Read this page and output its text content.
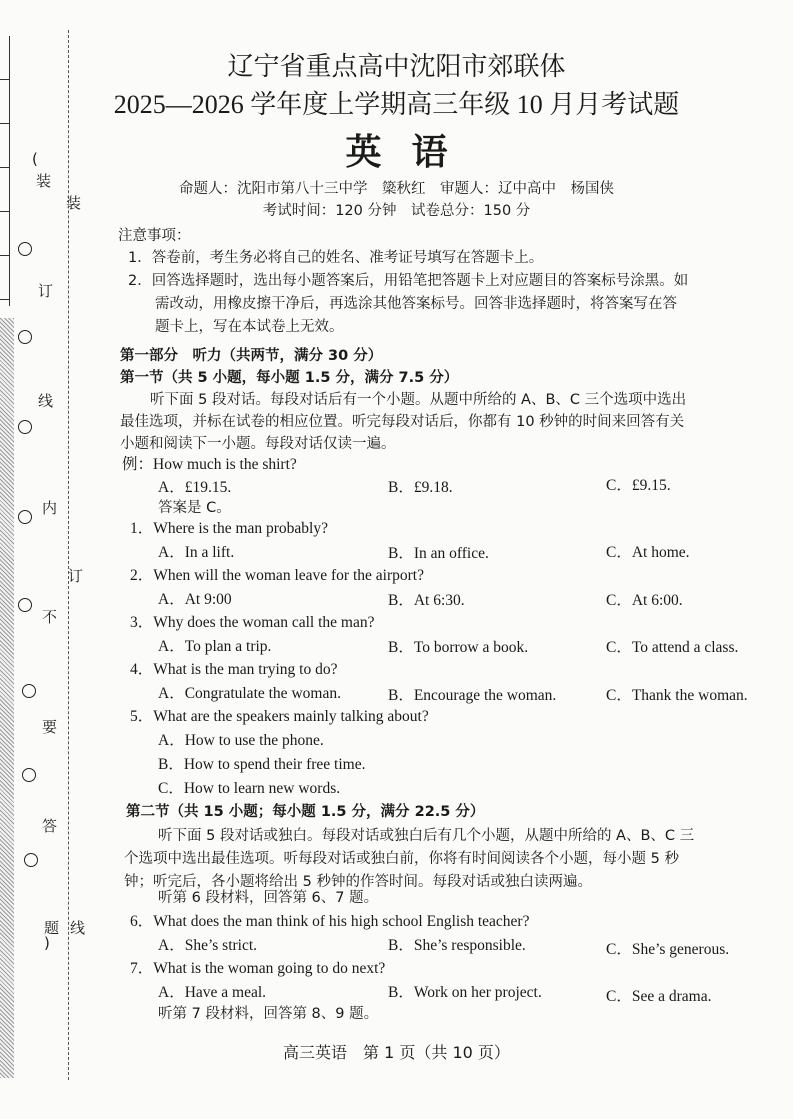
(
装
装
订
线
内
订
不
要
答
题
)
线
辽宁省重点高中沈阳市郊联体
2025—2026 学年度上学期高三年级 10 月月考试题
英语
命题人：沈阳市第八十三中学　簗秋红　审题人：辽中高中　杨国侠
考试时间：120 分钟　试卷总分：150 分
注意事项：
1．答卷前，考生务必将自己的姓名、准考证号填写在答题卡上。
2．回答选择题时，选出每小题答案后，用铅笔把答题卡上对应题目的答案标号涂黑。如
需改动，用橡皮擦干净后，再选涂其他答案标号。回答非选择题时，将答案写在答
题卡上，写在本试卷上无效。
第一部分　听力（共两节，满分 30 分）
第一节（共 5 小题，每小题 1.5 分，满分 7.5 分）
听下面 5 段对话。每段对话后有一个小题。从题中所给的 A、B、C 三个选项中选出
最佳选项，并标在试卷的相应位置。听完每段对话后，你都有 10 秒钟的时间来回答有关
小题和阅读下一小题。每段对话仅读一遍。
例：How much is the shirt?
A．£19.15.	B．£9.18.	C．£9.15.
答案是 C。
1．Where is the man probably?
A．In a lift.	B．In an office.	C．At home.
2．When will the woman leave for the airport?
A．At 9:00	B．At 6:30.	C．At 6:00.
3．Why does the woman call the man?
A．To plan a trip.	B．To borrow a book.	C．To attend a class.
4．What is the man trying to do?
A．Congratulate the woman.	B．Encourage the woman.	C．Thank the woman.
5．What are the speakers mainly talking about?
A．How to use the phone.
B．How to spend their free time.
C．How to learn new words.
第二节（共 15 小题；每小题 1.5 分，满分 22.5 分）
听下面 5 段对话或独白。每段对话或独白后有几个小题，从题中所给的 A、B、C 三
个选项中选出最佳选项。听每段对话或独白前，你将有时间阅读各个小题，每小题 5 秒
钟；听完后，各小题将给出 5 秒钟的作答时间。每段对话或独白读两遍。
听第 6 段材料，回答第 6、7 题。
6．What does the man think of his high school English teacher?
A．She’s strict.	B．She’s responsible.	C．She’s generous.
7．What is the woman going to do next?
A．Have a meal.	B．Work on her project.	C．See a drama.
听第 7 段材料，回答第 8、9 题。
高三英语　第 1 页（共 10 页）
